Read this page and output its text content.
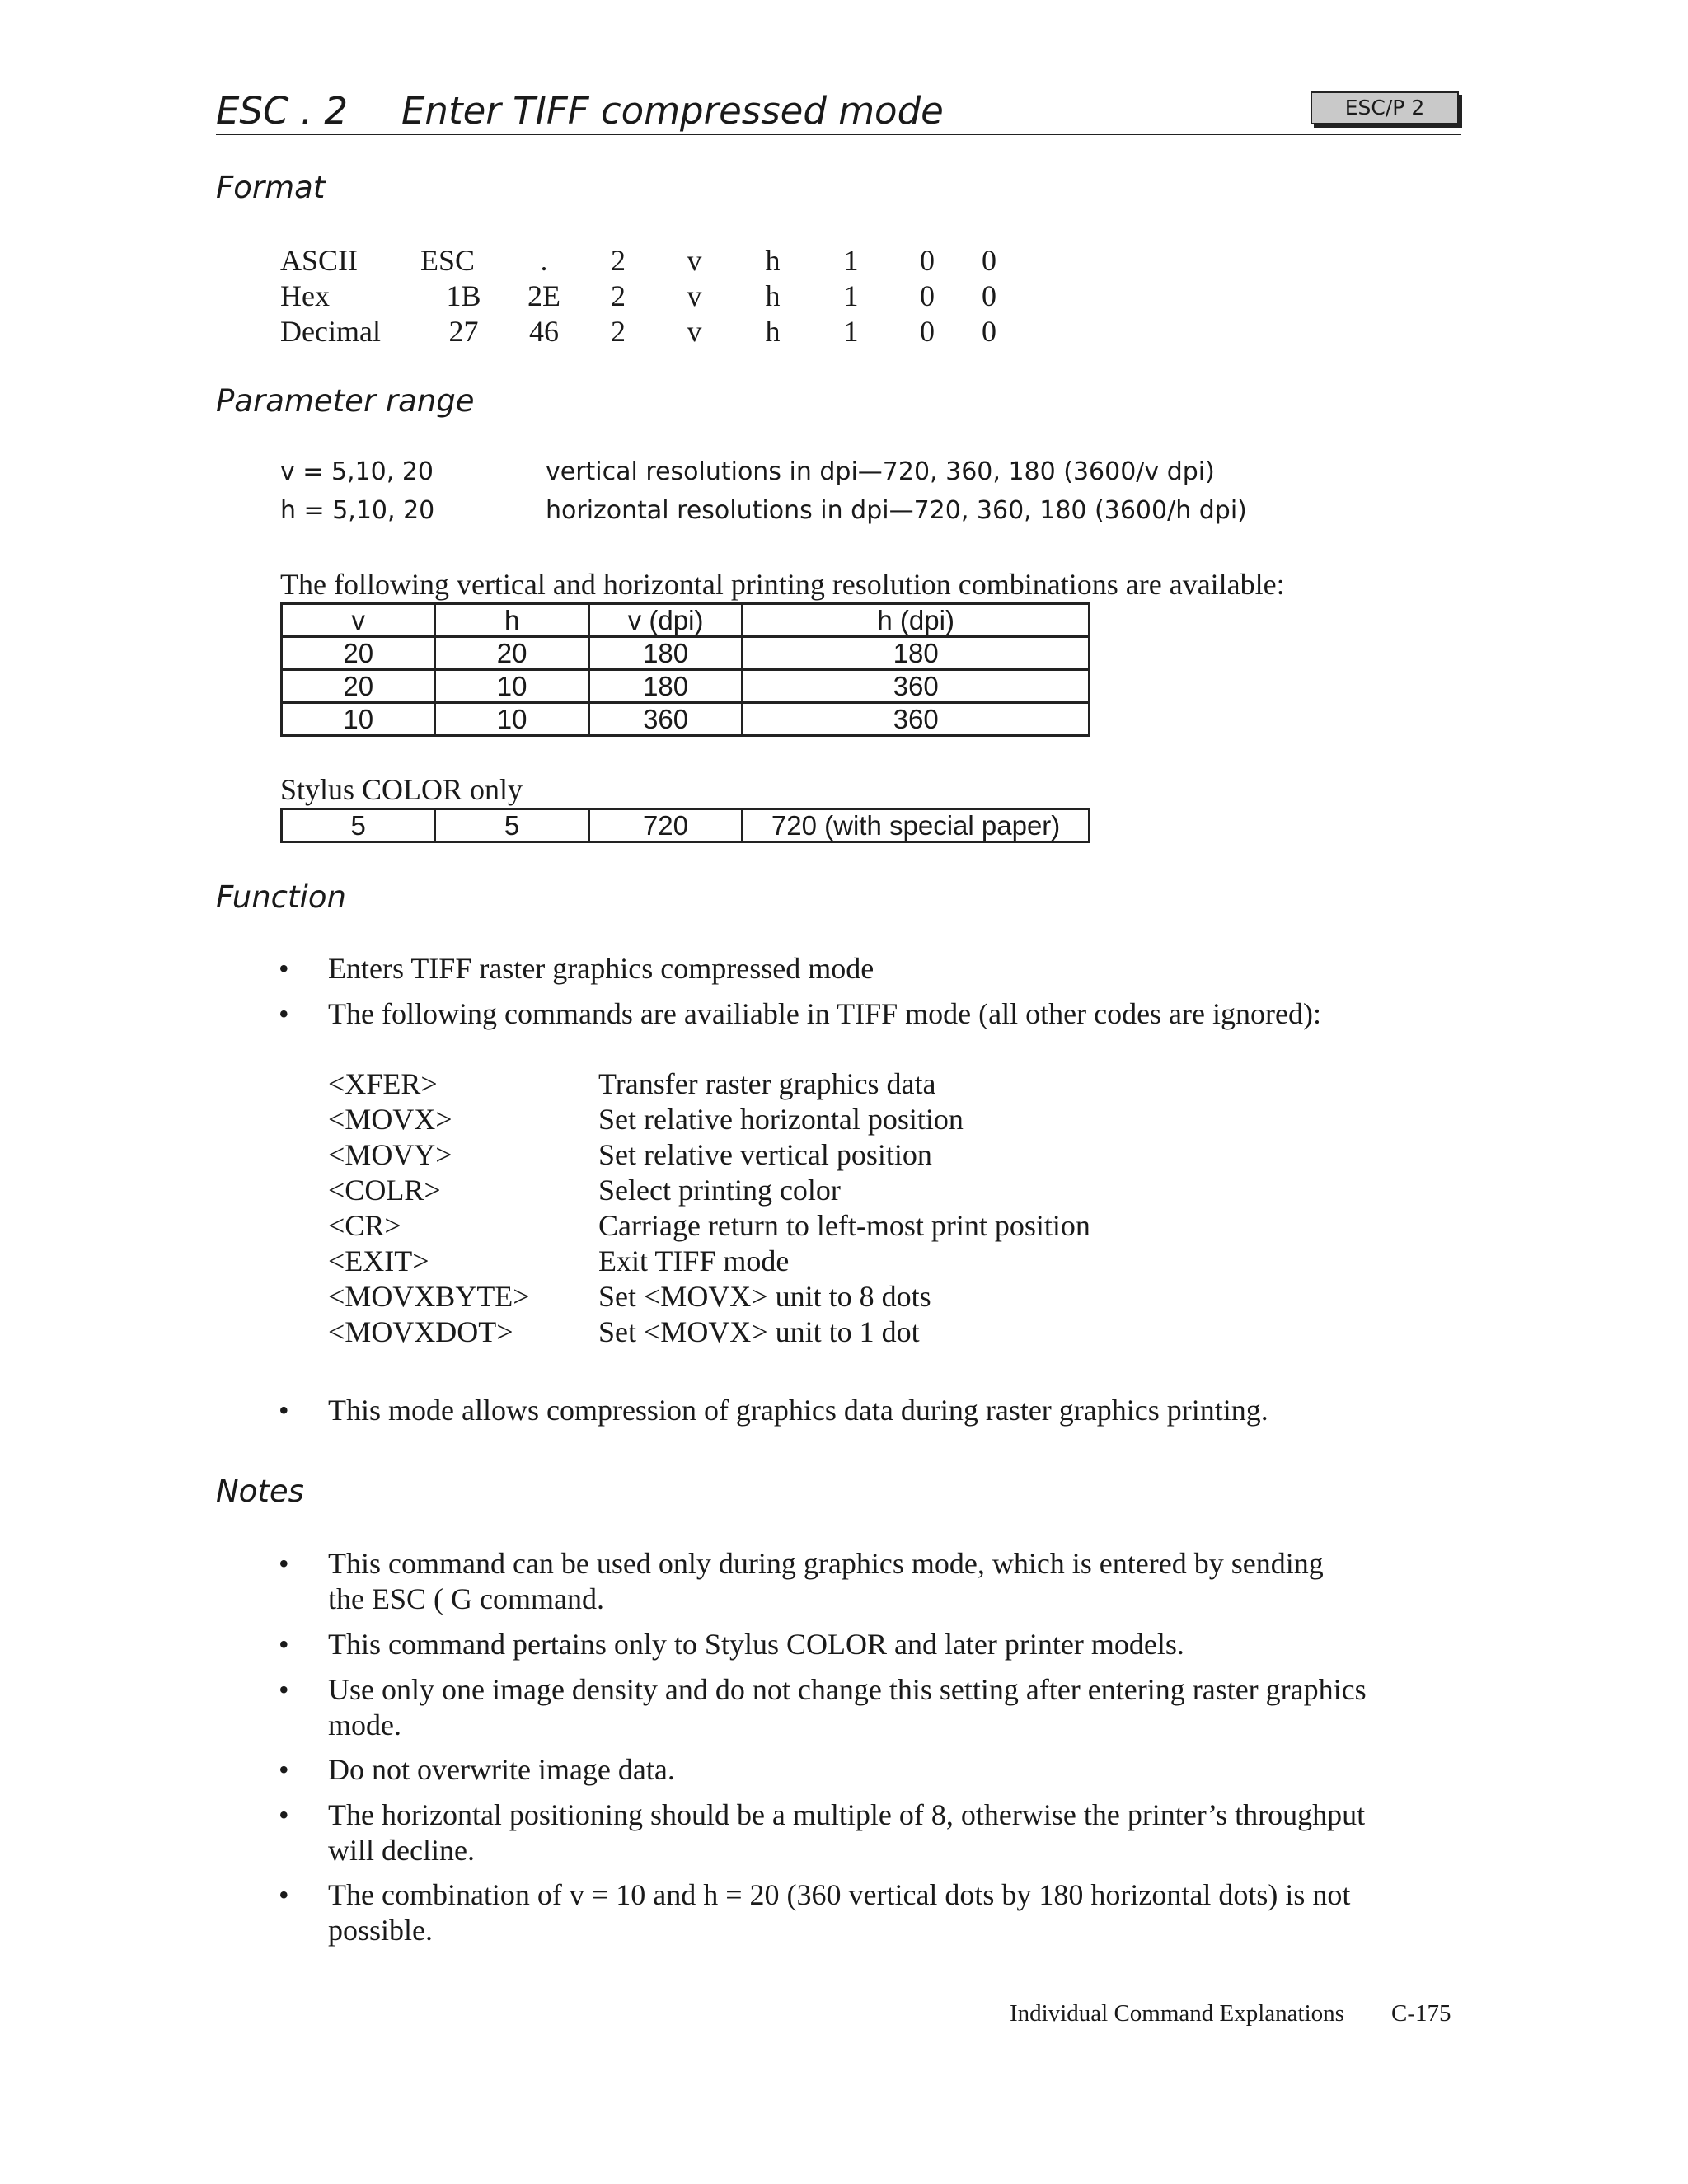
ESC . 2 Enter TIFF compressed mode	ESC/P 2
Format
ASCII	ESC	.	2	v	h	1	0	0
Hex	1B	2E	2	v	h	1	0	0
Decimal	27	46	2	v	h	1	0	0
Parameter range
v = 5,10, 20	vertical resolutions in dpi—720, 360, 180 (3600/v dpi)
h = 5,10, 20	horizontal resolutions in dpi—720, 360, 180 (3600/h dpi)
The following vertical and horizontal printing resolution combinations are available:
v	h	v (dpi)	h (dpi)
20	20	180	180
20	10	180	360
10	10	360	360
Stylus COLOR only
5	5	720	720 (with special paper)
Function
• Enters TIFF raster graphics compressed mode
• The following commands are availiable in TIFF mode (all other codes are ignored):
<XFER>	Transfer raster graphics data
<MOVX>	Set relative horizontal position
<MOVY>	Set relative vertical position
<COLR>	Select printing color
<CR>	Carriage return to left-most print position
<EXIT>	Exit TIFF mode
<MOVXBYTE> Set <MOVX> unit to 8 dots
<MOVXDOT>	Set <MOVX> unit to 1 dot
• This mode allows compression of graphics data during raster graphics printing.
Notes
• This command can be used only during graphics mode, which is entered by sending
the ESC ( G command.
• This command pertains only to Stylus COLOR and later printer models.
• Use only one image density and do not change this setting after entering raster graphics
mode.
• Do not overwrite image data.
• The horizontal positioning should be a multiple of 8, otherwise the printer’s throughput
will decline.
• The combination of v = 10 and h = 20 (360 vertical dots by 180 horizontal dots) is not
possible.
Individual Command Explanations C-175
